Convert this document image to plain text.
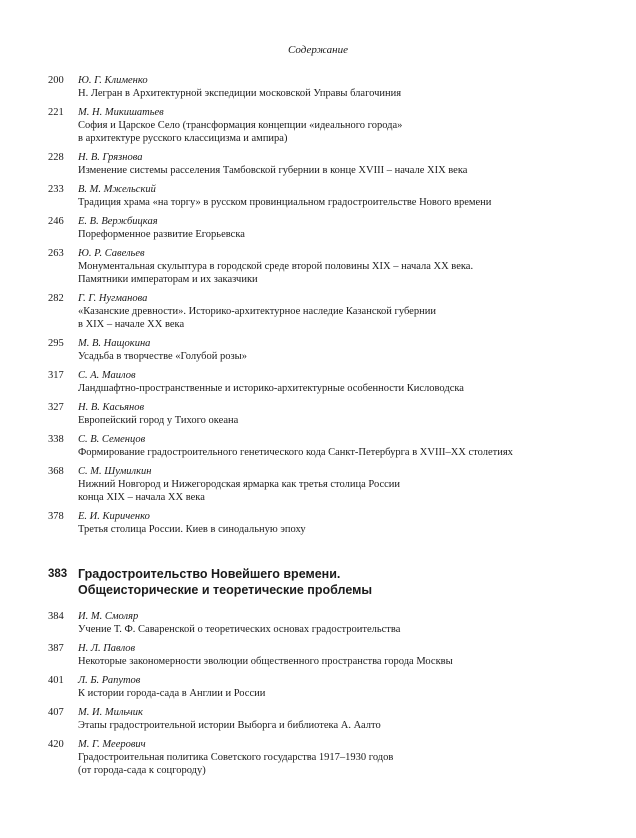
Содержание
200	Ю. Г. Клименко
Н. Легран в Архитектурной экспедиции московской Управы благочиния
221	М. Н. Микишатьев
София и Царское Село (трансформация концепции «идеального города»
в архитектуре русского классицизма и ампира)
228	Н. В. Грязнова
Изменение системы расселения Тамбовской губернии в конце XVIII – начале XIX века
233	В. М. Мжельский
Традиция храма «на торгу» в русском провинциальном градостроительстве Нового времени
246	Е. В. Вержбицкая
Пореформенное развитие Егорьевска
263	Ю. Р. Савельев
Монументальная скульптура в городской среде второй половины XIX – начала XX века.
Памятники императорам и их заказчики
282	Г. Г. Нугманова
«Казанские древности». Историко-архитектурное наследие Казанской губернии
в XIX – начале XX века
295	М. В. Нащокина
Усадьба в творчестве «Голубой розы»
317	С. А. Маилов
Ландшафтно-пространственные и историко-архитектурные особенности Кисловодска
327	Н. В. Касьянов
Европейский город у Тихого океана
338	С. В. Семенцов
Формирование градостроительного генетического кода Санкт-Петербурга в XVIII–XX столетиях
368	С. М. Шумилкин
Нижний Новгород и Нижегородская ярмарка как третья столица России
конца XIX – начала XX века
378	Е. И. Кириченко
Третья столица России. Киев в синодальную эпоху
383 Градостроительство Новейшего времени.
Общеисторические и теоретические проблемы
384	И. М. Смоляр
Учение Т. Ф. Саваренской о теоретических основах градостроительства
387	Н. Л. Павлов
Некоторые закономерности эволюции общественного пространства города Москвы
401	Л. Б. Рапутов
К истории города-сада в Англии и России
407	М. И. Мильчик
Этапы градостроительной истории Выборга и библиотека А. Аалто
420	М. Г. Меерович
Градостроительная политика Советского государства 1917–1930 годов
(от города-сада к соцгороду)
